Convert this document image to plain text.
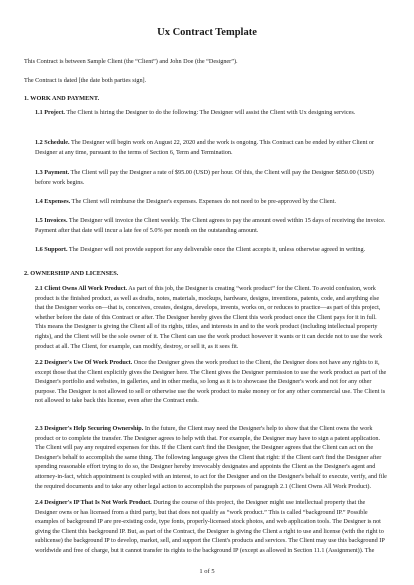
Ux Contract Template

This Contract is between Sample Client (the “Client”) and John Doe (the “Designer”).

The Contract is dated [the date both parties sign].

1. WORK AND PAYMENT.

1.1 Project. The Client is hiring the Designer to do the following: The Designer will assist the Client with Ux designing services.

1.2 Schedule. The Designer will begin work on August 22, 2020 and the work is ongoing. This Contract can be ended by either Client or Designer at any time, pursuant to the terms of Section 6, Term and Termination.

1.3 Payment. The Client will pay the Designer a rate of $95.00 (USD) per hour. Of this, the Client will pay the Designer $850.00 (USD) before work begins.

1.4 Expenses. The Client will reimburse the Designer's expenses. Expenses do not need to be pre-approved by the Client.

1.5 Invoices. The Designer will invoice the Client weekly. The Client agrees to pay the amount owed within 15 days of receiving the invoice. Payment after that date will incur a late fee of 5.0% per month on the outstanding amount.

1.6 Support. The Designer will not provide support for any deliverable once the Client accepts it, unless otherwise agreed in writing.

2. OWNERSHIP AND LICENSES.

2.1 Client Owns All Work Product. As part of this job, the Designer is creating “work product” for the Client. To avoid confusion, work product is the finished product, as well as drafts, notes, materials, mockups, hardware, designs, inventions, patents, code, and anything else that the Designer works on—that is, conceives, creates, designs, develops, invents, works on, or reduces to practice—as part of this project, whether before the date of this Contract or after. The Designer hereby gives the Client this work product once the Client pays for it in full. This means the Designer is giving the Client all of its rights, titles, and interests in and to the work product (including intellectual property rights), and the Client will be the sole owner of it. The Client can use the work product however it wants or it can decide not to use the work product at all. The Client, for example, can modify, destroy, or sell it, as it sees fit.

2.2 Designer's Use Of Work Product. Once the Designer gives the work product to the Client, the Designer does not have any rights to it, except those that the Client explicitly gives the Designer here. The Client gives the Designer permission to use the work product as part of the Designer's portfolio and websites, in galleries, and in other media, so long as it is to showcase the Designer's work and not for any other purpose. The Designer is not allowed to sell or otherwise use the work product to make money or for any other commercial use. The Client is not allowed to take back this license, even after the Contract ends.

2.3 Designer's Help Securing Ownership. In the future, the Client may need the Designer's help to show that the Client owns the work product or to complete the transfer. The Designer agrees to help with that. For example, the Designer may have to sign a patent application. The Client will pay any required expenses for this. If the Client can't find the Designer, the Designer agrees that the Client can act on the Designer's behalf to accomplish the same thing. The following language gives the Client that right: if the Client can't find the Designer after spending reasonable effort trying to do so, the Designer hereby irrevocably designates and appoints the Client as the Designer's agent and attorney-in-fact, which appointment is coupled with an interest, to act for the Designer and on the Designer's behalf to execute, verify, and file the required documents and to take any other legal action to accomplish the purposes of paragraph 2.1 (Client Owns All Work Product).

2.4 Designer's IP That Is Not Work Product. During the course of this project, the Designer might use intellectual property that the Designer owns or has licensed from a third party, but that does not qualify as “work product.” This is called “background IP.” Possible examples of background IP are pre-existing code, type fonts, properly-licensed stock photos, and web application tools. The Designer is not giving the Client this background IP. But, as part of the Contract, the Designer is giving the Client a right to use and license (with the right to sublicense) the background IP to develop, market, sell, and support the Client's products and services. The Client may use this background IP worldwide and free of charge, but it cannot transfer its rights to the background IP (except as allowed in Section 11.1 (Assignment)). The

1 of 5
